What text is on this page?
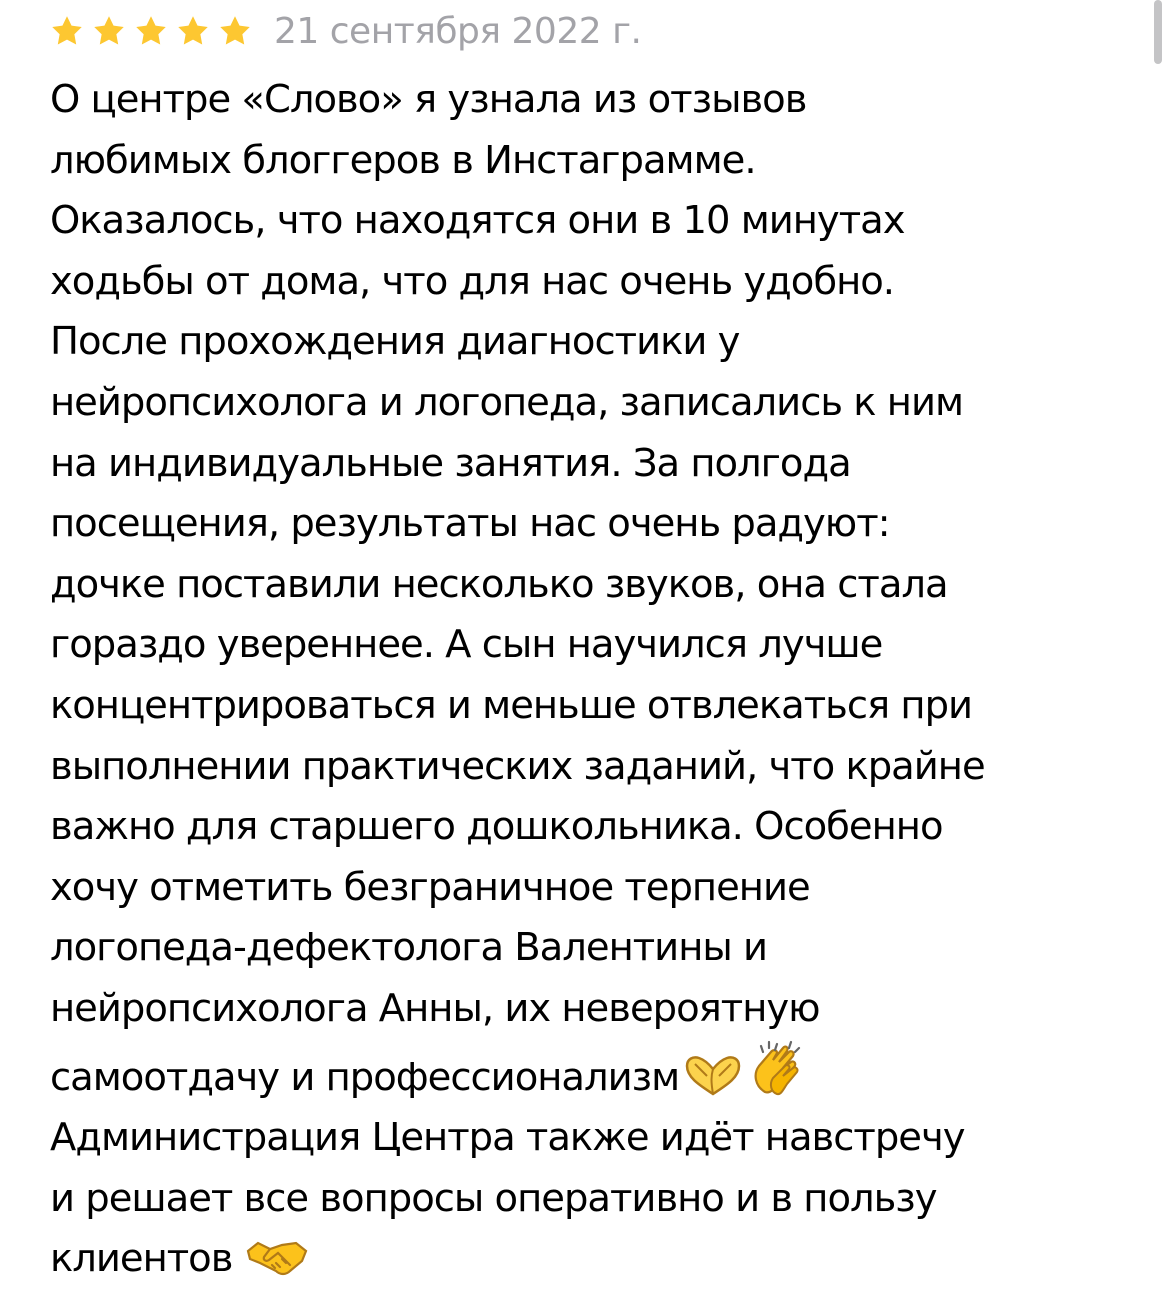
21 сентября 2022 г.
О центре «Слово» я узнала из отзывов
любимых блоггеров в Инстаграмме.
Оказалось, что находятся они в 10 минутах
ходьбы от дома, что для нас очень удобно.
После прохождения диагностики у
нейропсихолога и логопеда, записались к ним
на индивидуальные занятия. За полгода
посещения, результаты нас очень радуют:
дочке поставили несколько звуков, она стала
гораздо увереннее. А сын научился лучше
концентрироваться и меньше отвлекаться при
выполнении практических заданий, что крайне
важно для старшего дошкольника. Особенно
хочу отметить безграничное терпение
логопеда-дефектолога Валентины и
нейропсихолога Анны, их невероятную
самоотдачу и профессионализм
Администрация Центра также идёт навстречу
и решает все вопросы оперативно и в пользу
клиентов
